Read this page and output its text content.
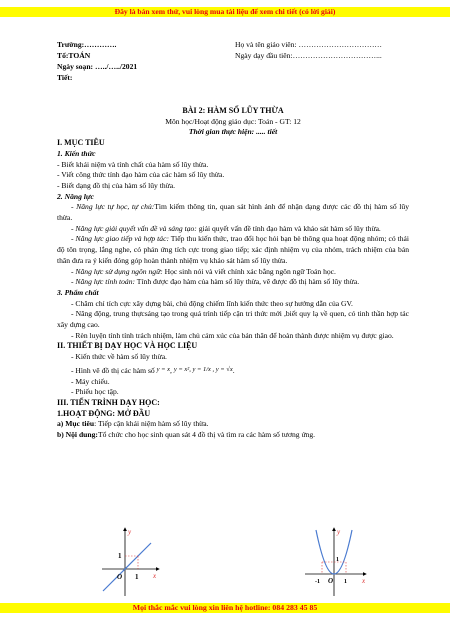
Đây là bản xem thử, vui lòng mua tài liệu để xem chi tiết (có lời giải)
Trường:………….
Tổ:TOÁN
Ngày soạn: …../…../2021
Tiết:
Họ và tên giáo viên: ……………………………
Ngày dạy đầu tiên:……………………………...
BÀI 2: HÀM SỐ LŨY THỪA
Môn học/Hoạt động giáo dục: Toán - GT: 12
Thời gian thực hiện: ..... tiết
I. MỤC TIÊU
1. Kiến thức
- Biết khái niệm và tính chất của hàm số lũy thừa.
- Viết công thức tính đạo hàm của các hàm số lũy thừa.
- Biết dạng đồ thị của hàm số lũy thừa.
2. Năng lực
- Năng lực tự học, tự chủ:Tìm kiếm thông tin, quan sát hình ảnh để nhận dạng được các đồ thị hàm số lũy thừa.
- Năng lực giải quyết vấn đề và sáng tạo: giải quyết vấn đề tính đạo hàm và khảo sát hàm số lũy thừa.
- Năng lực giao tiếp và hợp tác: Tiếp thu kiến thức, trao đổi học hỏi bạn bè thông qua hoạt động nhóm; có thái độ tôn trọng, lắng nghe, có phản ứng tích cực trong giao tiếp; xác định nhiệm vụ của nhóm, trách nhiệm của bản thân đưa ra ý kiến đóng góp hoàn thành nhiệm vụ khảo sát hàm số lũy thừa.
- Năng lực sử dụng ngôn ngữ: Học sinh nói và viết chính xác bằng ngôn ngữ Toán học.
- Năng lực tính toán: Tính được đạo hàm của hàm số lũy thừa, vẽ được đồ thị hàm số lũy thừa.
3. Phẩm chất
- Chăm chỉ tích cực xây dựng bài, chủ động chiếm lĩnh kiến thức theo sự hướng dẫn của GV.
- Năng động, trung thựcsáng tạo trong quá trình tiếp cận tri thức mới ,biết quy lạ về quen, có tinh thần hợp tác xây dựng cao.
- Rèn luyện tính tính trách nhiệm, làm chủ cảm xúc của bản thân để hoàn thành được nhiệm vụ được giao.
II. THIẾT BỊ DẠY HỌC VÀ HỌC LIỆU
- Kiến thức về hàm số lũy thừa.
- Hình vẽ đồ thị các hàm số y = x, y = x², y = 1/x , y = √x.
- Máy chiếu.
- Phiếu học tập.
III. TIẾN TRÌNH DẠY HỌC:
1.HOẠT ĐỘNG: MỞ ĐẦU
a) Mục tiêu: Tiếp cận khái niệm hàm số lũy thừa.
b) Nội dung:Tổ chức cho học sinh quan sát 4 đồ thị và tìm ra các hàm số tương ứng.
O 1
1
x
y
-1 O 1
1
x
y
Mọi thắc mắc vui lòng xin liên hệ hotline: 084 283 45 85
